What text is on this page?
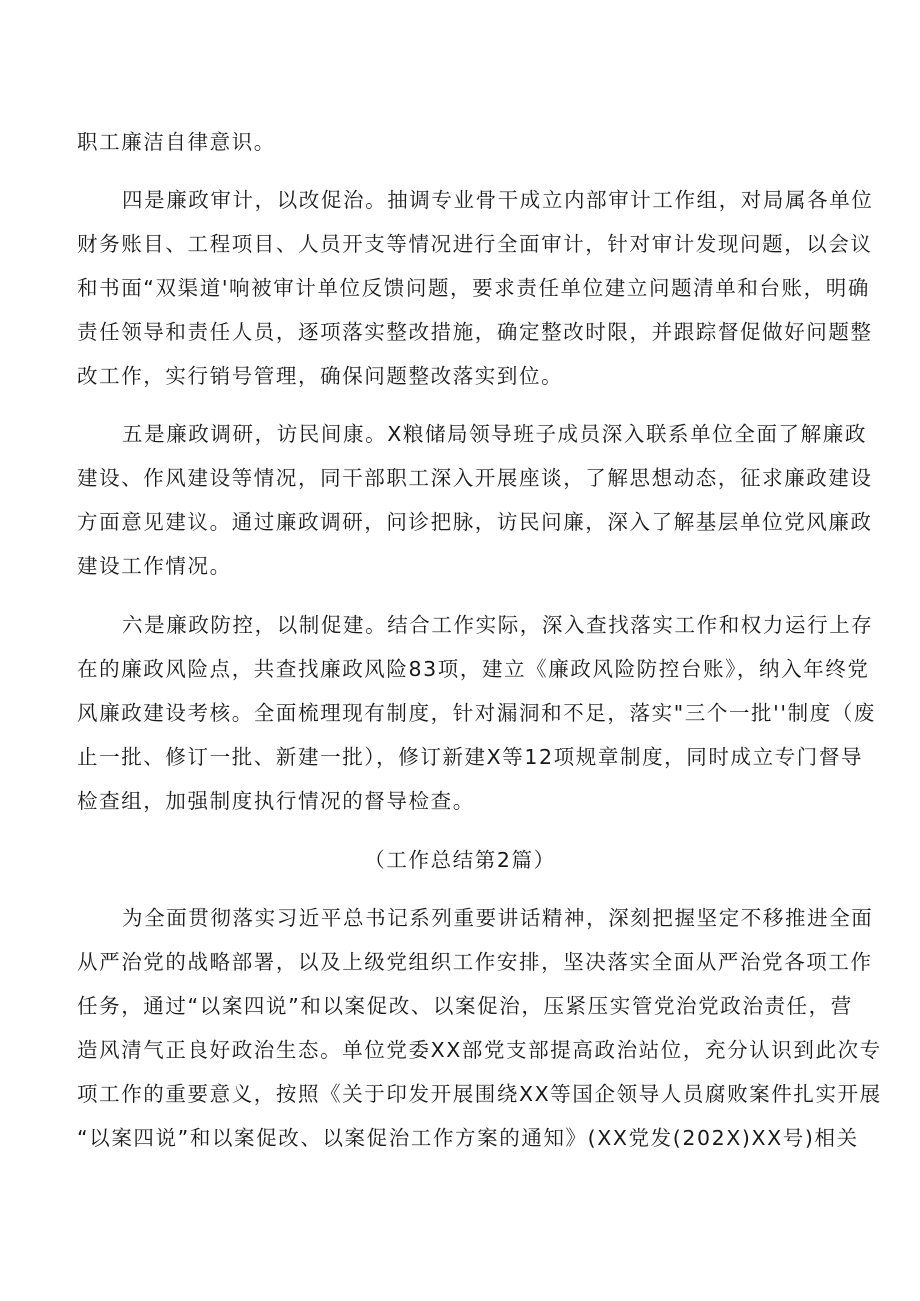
职工廉洁自律意识。
四是廉政审计，以改促治。抽调专业骨干成立内部审计工作组，对局属各单位
财务账目、工程项目、人员开支等情况进行全面审计，针对审计发现问题，以会议
和书面“双渠道'响被审计单位反馈问题，要求责任单位建立问题清单和台账，明确
责任领导和责任人员，逐项落实整改措施，确定整改时限，并跟踪督促做好问题整
改工作，实行销号管理，确保问题整改落实到位。
五是廉政调研，访民间康。X粮储局领导班子成员深入联系单位全面了解廉政
建设、作风建设等情况，同干部职工深入开展座谈，了解思想动态，征求廉政建设
方面意见建议。通过廉政调研，问诊把脉，访民问廉，深入了解基层单位党风廉政
建设工作情况。
六是廉政防控，以制促建。结合工作实际，深入查找落实工作和权力运行上存
在的廉政风险点，共查找廉政风险83项，建立《廉政风险防控台账》，纳入年终党
风廉政建设考核。全面梳理现有制度，针对漏洞和不足，落实"三个一批''制度（废
止一批、修订一批、新建一批），修订新建X等12项规章制度，同时成立专门督导
检查组，加强制度执行情况的督导检查。
（工作总结第2篇）
为全面贯彻落实习近平总书记系列重要讲话精神，深刻把握坚定不移推进全面
从严治党的战略部署，以及上级党组织工作安排，坚决落实全面从严治党各项工作
任务，通过“以案四说”和以案促改、以案促治，压紧压实管党治党政治责任，营
造风清气正良好政治生态。单位党委XX部党支部提高政治站位，充分认识到此次专
项工作的重要意义，按照《关于印发开展围绕XX等国企领导人员腐败案件扎实开展
“以案四说”和以案促改、以案促治工作方案的通知》(XX党发(202X)XX号)相关
